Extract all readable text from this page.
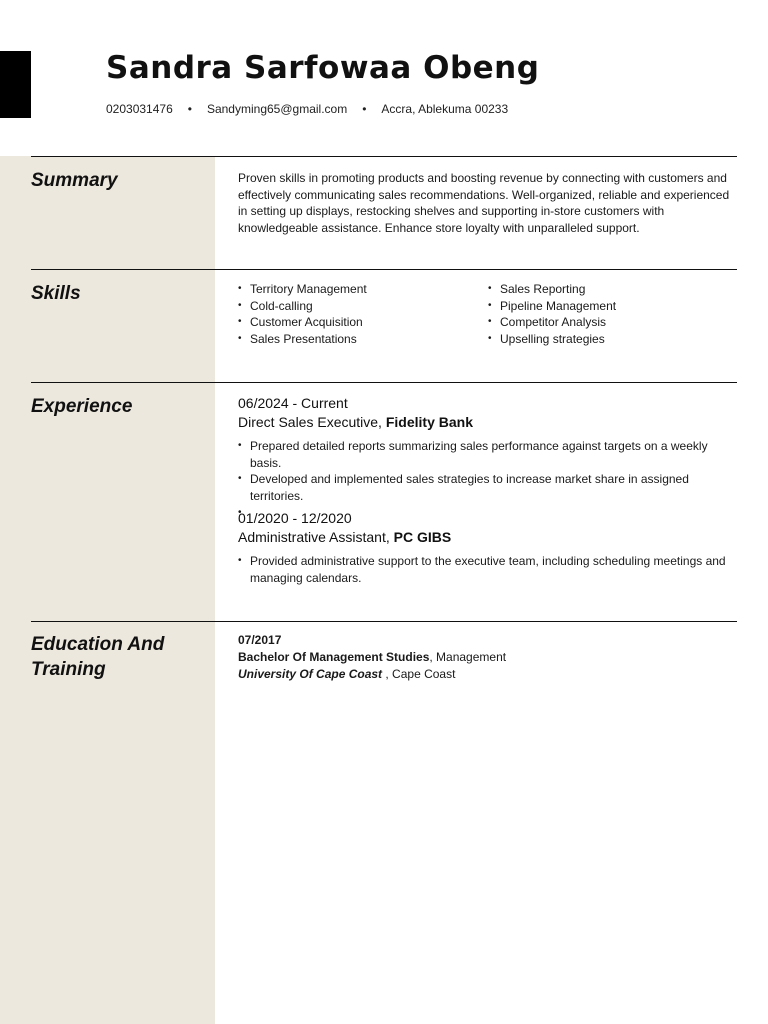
Sandra Sarfowaa Obeng
0203031476 • Sandyming65@gmail.com • Accra, Ablekuma 00233
Summary	Proven skills in promoting products and boosting revenue by connecting with customers and effectively communicating sales recommendations. Well-organized, reliable and experienced in setting up displays, restocking shelves and supporting in-store customers with knowledgeable assistance. Enhance store loyalty with unparalleled support.
Skills
•	Territory Management
• Cold-calling
• Customer Acquisition
• Sales Presentations
• Sales Reporting
• Pipeline Management
• Competitor Analysis
• Upselling strategies
Experience	06/2024 - Current
Direct Sales Executive, Fidelity Bank
• Prepared detailed reports summarizing sales performance against targets on a weekly basis.
• Developed and implemented sales strategies to increase market share in assigned territories.
•
01/2020 - 12/2020
Administrative Assistant, PC GIBS
• Provided administrative support to the executive team, including scheduling meetings and managing calendars.
Education And Training
07/2017
Bachelor Of Management Studies, Management
University Of Cape Coast , Cape Coast
